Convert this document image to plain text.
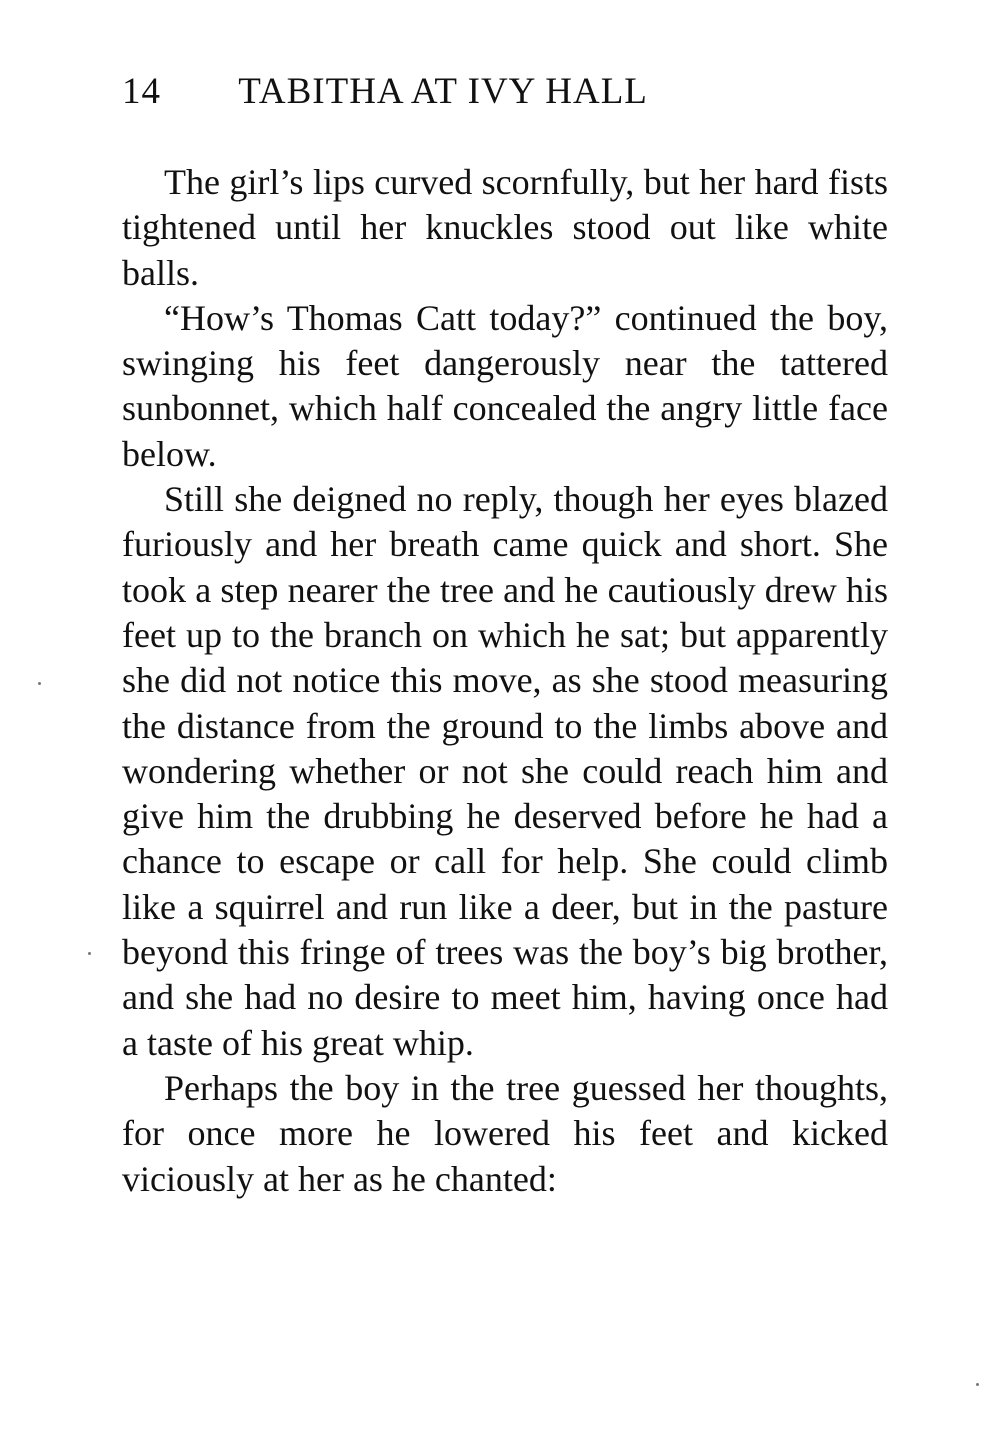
14 TABITHA AT IVY HALL

The girl’s lips curved scornfully, but her hard fists tightened until her knuckles stood out like white balls.

“How’s Thomas Catt today?” continued the boy, swinging his feet dangerously near the tattered sunbonnet, which half concealed the angry little face below.

Still she deigned no reply, though her eyes blazed furiously and her breath came quick and short. She took a step nearer the tree and he cautiously drew his feet up to the branch on which he sat; but apparently she did not notice this move, as she stood measuring the distance from the ground to the limbs above and wondering whether or not she could reach him and give him the drubbing he deserved before he had a chance to escape or call for help. She could climb like a squirrel and run like a deer, but in the pasture beyond this fringe of trees was the boy’s big brother, and she had no desire to meet him, having once had a taste of his great whip.

Perhaps the boy in the tree guessed her thoughts, for once more he lowered his feet and kicked viciously at her as he chanted:
